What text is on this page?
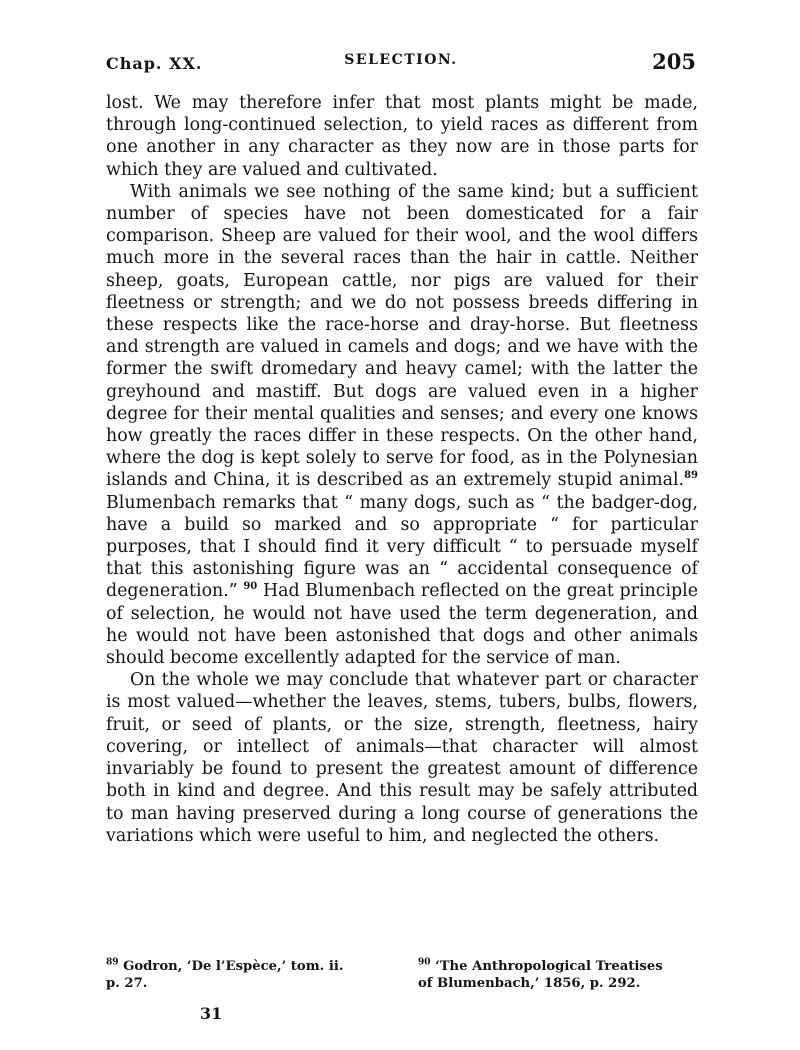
Chap. XX.	SELECTION.	205

lost. We may therefore infer that most plants might be made, through long-continued selection, to yield races as different from one another in any character as they now are in those parts for which they are valued and cultivated.

With animals we see nothing of the same kind; but a sufficient number of species have not been domesticated for a fair comparison. Sheep are valued for their wool, and the wool differs much more in the several races than the hair in cattle. Neither sheep, goats, European cattle, nor pigs are valued for their fleetness or strength; and we do not possess breeds differing in these respects like the race-horse and dray-horse. But fleetness and strength are valued in camels and dogs; and we have with the former the swift dromedary and heavy camel; with the latter the greyhound and mastiff. But dogs are valued even in a higher degree for their mental qualities and senses; and every one knows how greatly the races differ in these respects. On the other hand, where the dog is kept solely to serve for food, as in the Polynesian islands and China, it is described as an extremely stupid animal.$^{89}$ Blumenbach remarks that “ many dogs, such as “ the badger-dog, have a build so marked and so appropriate “ for particular purposes, that I should find it very difficult “ to persuade myself that this astonishing figure was an “ accidental consequence of degeneration.” $^{90}$ Had Blumenbach reflected on the great principle of selection, he would not have used the term degeneration, and he would not have been astonished that dogs and other animals should become excellently adapted for the service of man.

On the whole we may conclude that whatever part or character is most valued—whether the leaves, stems, tubers, bulbs, flowers, fruit, or seed of plants, or the size, strength, fleetness, hairy covering, or intellect of animals—that character will almost invariably be found to present the greatest amount of difference both in kind and degree. And this result may be safely attributed to man having preserved during a long course of generations the variations which were useful to him, and neglected the others.

$^{89}$ Godron, ‘De l’Espèce,’ tom. ii.
p. 27.
$^{90}$ ‘The Anthropological Treatises
of Blumenbach,’ 1856, p. 292.
31
